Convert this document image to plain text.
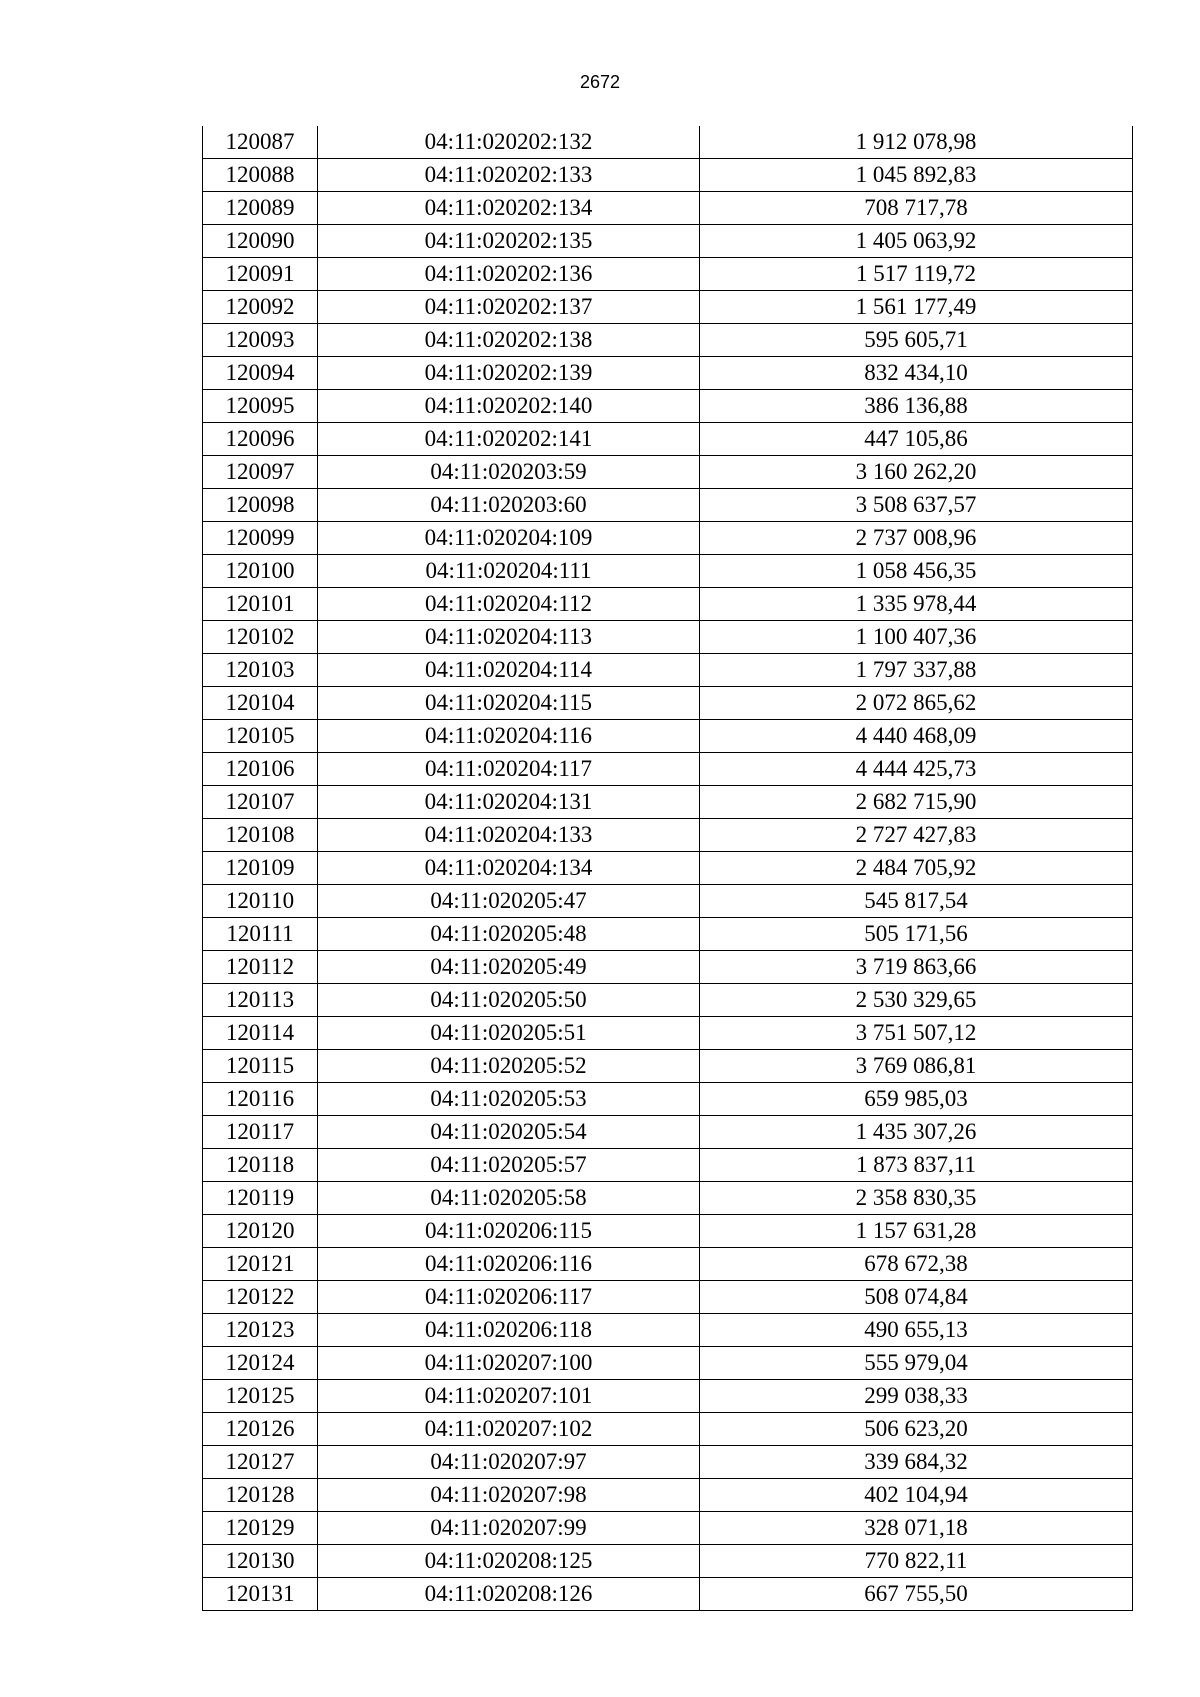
2672
120087	04:11:020202:132	1 912 078,98
120088	04:11:020202:133	1 045 892,83
120089	04:11:020202:134	708 717,78
120090	04:11:020202:135	1 405 063,92
120091	04:11:020202:136	1 517 119,72
120092	04:11:020202:137	1 561 177,49
120093	04:11:020202:138	595 605,71
120094	04:11:020202:139	832 434,10
120095	04:11:020202:140	386 136,88
120096	04:11:020202:141	447 105,86
120097	04:11:020203:59	3 160 262,20
120098	04:11:020203:60	3 508 637,57
120099	04:11:020204:109	2 737 008,96
120100	04:11:020204:111	1 058 456,35
120101	04:11:020204:112	1 335 978,44
120102	04:11:020204:113	1 100 407,36
120103	04:11:020204:114	1 797 337,88
120104	04:11:020204:115	2 072 865,62
120105	04:11:020204:116	4 440 468,09
120106	04:11:020204:117	4 444 425,73
120107	04:11:020204:131	2 682 715,90
120108	04:11:020204:133	2 727 427,83
120109	04:11:020204:134	2 484 705,92
120110	04:11:020205:47	545 817,54
120111	04:11:020205:48	505 171,56
120112	04:11:020205:49	3 719 863,66
120113	04:11:020205:50	2 530 329,65
120114	04:11:020205:51	3 751 507,12
120115	04:11:020205:52	3 769 086,81
120116	04:11:020205:53	659 985,03
120117	04:11:020205:54	1 435 307,26
120118	04:11:020205:57	1 873 837,11
120119	04:11:020205:58	2 358 830,35
120120	04:11:020206:115	1 157 631,28
120121	04:11:020206:116	678 672,38
120122	04:11:020206:117	508 074,84
120123	04:11:020206:118	490 655,13
120124	04:11:020207:100	555 979,04
120125	04:11:020207:101	299 038,33
120126	04:11:020207:102	506 623,20
120127	04:11:020207:97	339 684,32
120128	04:11:020207:98	402 104,94
120129	04:11:020207:99	328 071,18
120130	04:11:020208:125	770 822,11
120131	04:11:020208:126	667 755,50
